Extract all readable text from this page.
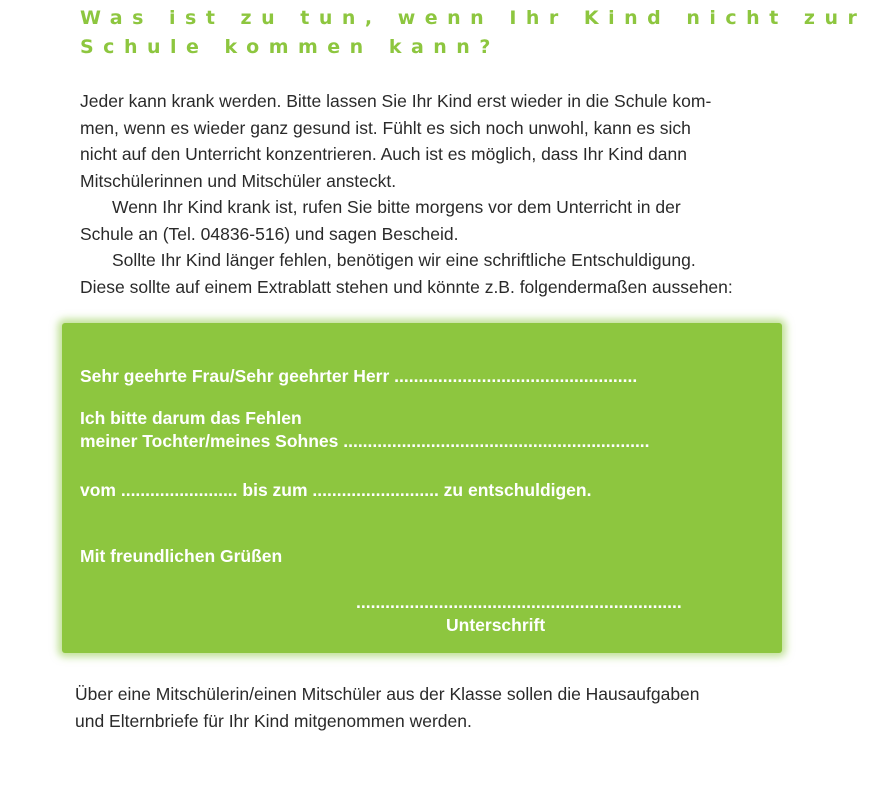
Was ist zu tun, wenn Ihr Kind nicht zur
Schule kommen kann?

Jeder kann krank werden. Bitte lassen Sie Ihr Kind erst wieder in die Schule kom-
men, wenn es wieder ganz gesund ist. Fühlt es sich noch unwohl, kann es sich
nicht auf den Unterricht konzentrieren. Auch ist es möglich, dass Ihr Kind dann
Mitschülerinnen und Mitschüler ansteckt.

Wenn Ihr Kind krank ist, rufen Sie bitte morgens vor dem Unterricht in der
Schule an (Tel. 04836-516) und sagen Bescheid.

Sollte Ihr Kind länger fehlen, benötigen wir eine schriftliche Entschuldigung.
Diese sollte auf einem Extrablatt stehen und könnte z.B. folgendermaßen aussehen:

Sehr geehrte Frau/Sehr geehrter Herr ..................................................
Ich bitte darum das Fehlen
meiner Tochter/meines Sohnes ...............................................................
vom ........................ bis zum .......................... zu entschuldigen.
Mit freundlichen Grüßen
...................................................................
Unterschrift

Über eine Mitschülerin/einen Mitschüler aus der Klasse sollen die Hausaufgaben
und Elternbriefe für Ihr Kind mitgenommen werden.
